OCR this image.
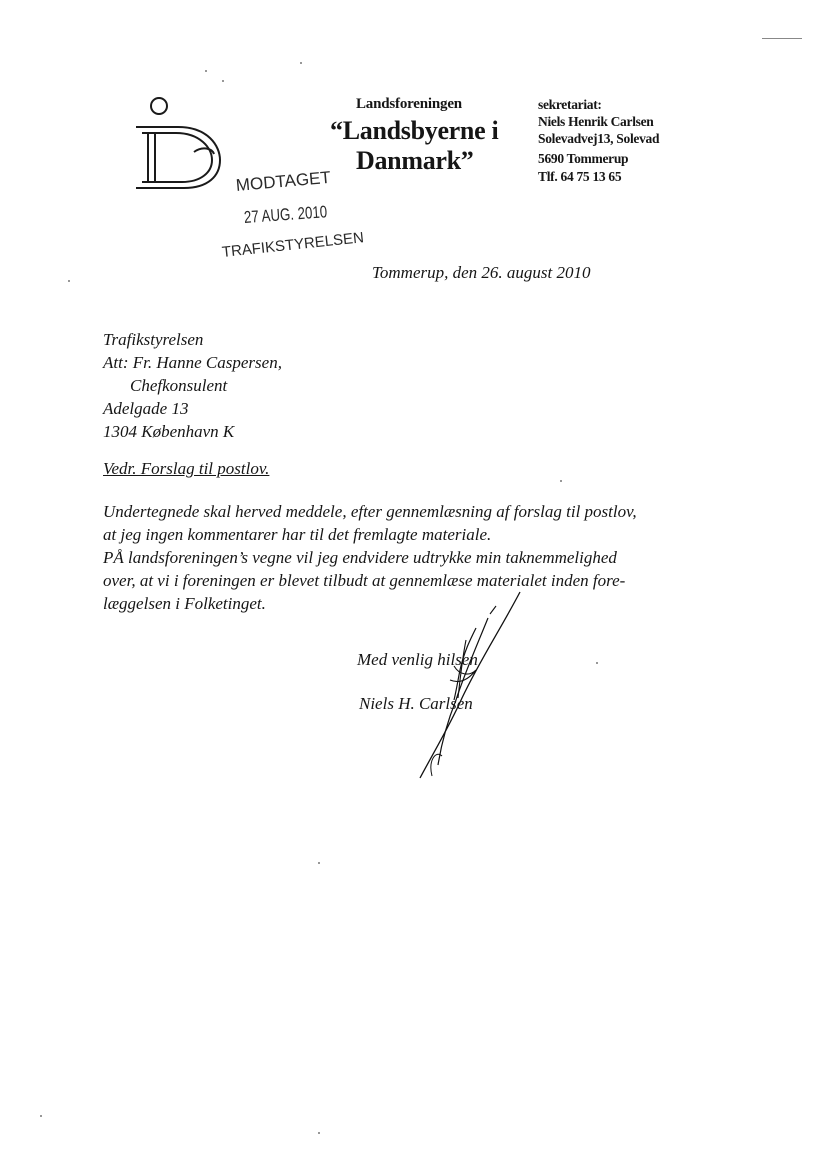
Landsforeningen
“Landsbyerne i
Danmark”
sekretariat:
Niels Henrik Carlsen
Solevadvej13, Solevad
5690 Tommerup
Tlf. 64 75 13 65
MODTAGET
27 AUG. 2010
TRAFIKSTYRELSEN
Tommerup, den 26. august 2010
Trafikstyrelsen
Att: Fr. Hanne Caspersen,
Chefkonsulent
Adelgade 13
1304 København K
Vedr. Forslag til postlov.
Undertegnede skal herved meddele, efter gennemlæsning af forslag til postlov,
at jeg ingen kommentarer har til det fremlagte materiale.
PÅ landsforeningen’s vegne vil jeg endvidere udtrykke min taknemmelighed
over, at vi i foreningen er blevet tilbudt at gennemlæse materialet inden fore-
læggelsen i Folketinget.
Med venlig hilsen
Niels H. Carlsen
